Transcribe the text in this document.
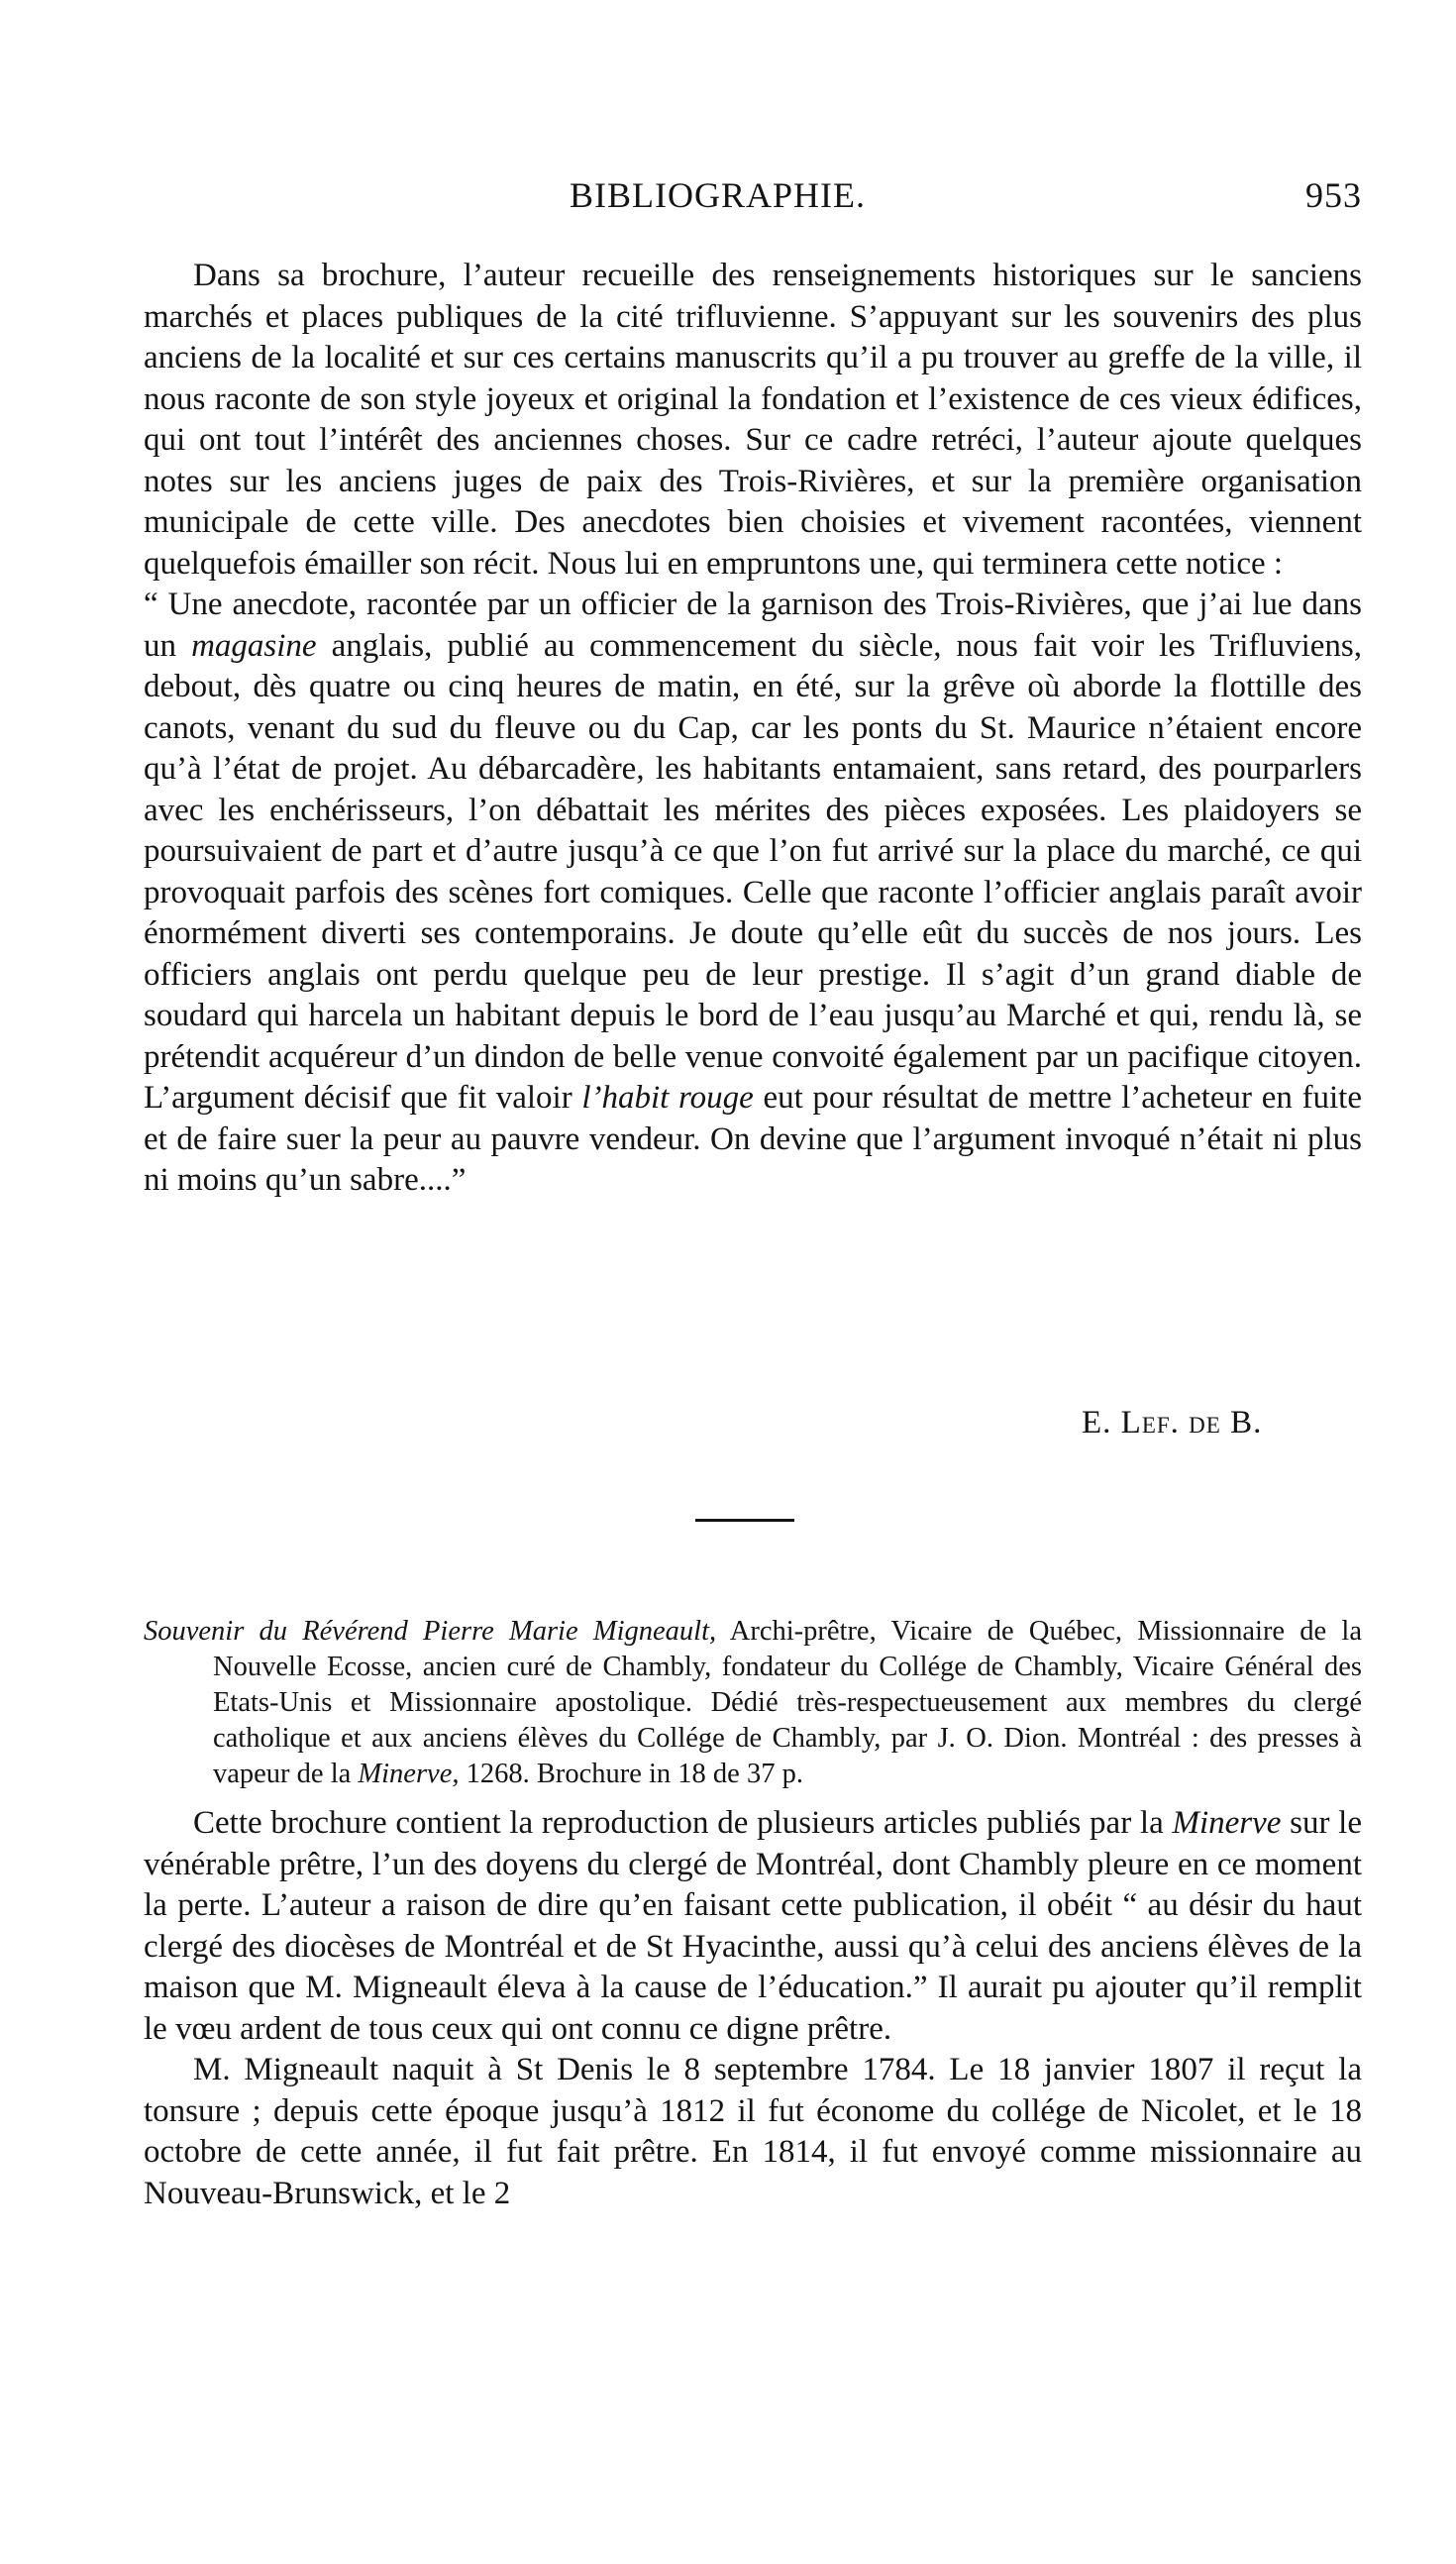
BIBLIOGRAPHIE.	953

Dans sa brochure, l’auteur recueille des renseignements historiques sur le sanciens marchés et places publiques de la cité trifluvienne. S’appuyant sur les souvenirs des plus anciens de la localité et sur ces certains manuscrits qu’il a pu trouver au greffe de la ville, il nous raconte de son style joyeux et original la fondation et l’existence de ces vieux édifices, qui ont tout l’intérêt des anciennes choses. Sur ce cadre retréci, l’auteur ajoute quelques notes sur les anciens juges de paix des Trois-Rivières, et sur la première organisation municipale de cette ville. Des anecdotes bien choisies et vivement racontées, viennent quelquefois émailler son récit. Nous lui en empruntons une, qui terminera cette notice :

“ Une anecdote, racontée par un officier de la garnison des Trois-Rivières, que j’ai lue dans un magasine anglais, publié au commencement du siècle, nous fait voir les Trifluviens, debout, dès quatre ou cinq heures de matin, en été, sur la grêve où aborde la flottille des canots, venant du sud du fleuve ou du Cap, car les ponts du St. Maurice n’étaient encore qu’à l’état de projet. Au débarcadère, les habitants entamaient, sans retard, des pourparlers avec les enchérisseurs, l’on débattait les mérites des pièces exposées. Les plaidoyers se poursuivaient de part et d’autre jusqu’à ce que l’on fut arrivé sur la place du marché, ce qui provoquait parfois des scènes fort comiques. Celle que raconte l’officier anglais paraît avoir énormément diverti ses contemporains. Je doute qu’elle eût du succès de nos jours. Les officiers anglais ont perdu quelque peu de leur prestige. Il s’agit d’un grand diable de soudard qui harcela un habitant depuis le bord de l’eau jusqu’au Marché et qui, rendu là, se prétendit acquéreur d’un dindon de belle venue convoité également par un pacifique citoyen. L’argument décisif que fit valoir l’habit rouge eut pour résultat de mettre l’acheteur en fuite et de faire suer la peur au pauvre vendeur. On devine que l’argument invoqué n’était ni plus ni moins qu’un sabre....”

E. Lef. de B.

Souvenir du Révérend Pierre Marie Migneault, Archi-prêtre, Vicaire de Québec, Missionnaire de la Nouvelle Ecosse, ancien curé de Chambly, fondateur du Collége de Chambly, Vicaire Général des Etats-Unis et Missionnaire apostolique. Dédié très-respectueusement aux membres du clergé catholique et aux anciens élèves du Collége de Chambly, par J. O. Dion. Montréal : des presses à vapeur de la Minerve, 1268. Brochure in 18 de 37 p.

Cette brochure contient la reproduction de plusieurs articles publiés par la Minerve sur le vénérable prêtre, l’un des doyens du clergé de Montréal, dont Chambly pleure en ce moment la perte. L’auteur a raison de dire qu’en faisant cette publication, il obéit “ au désir du haut clergé des diocèses de Montréal et de St Hyacinthe, aussi qu’à celui des anciens élèves de la maison que M. Migneault éleva à la cause de l’éducation.” Il aurait pu ajouter qu’il remplit le vœu ardent de tous ceux qui ont connu ce digne prêtre.

M. Migneault naquit à St Denis le 8 septembre 1784. Le 18 janvier 1807 il reçut la tonsure ; depuis cette époque jusqu’à 1812 il fut économe du collége de Nicolet, et le 18 octobre de cette année, il fut fait prêtre. En 1814, il fut envoyé comme missionnaire au Nouveau-Brunswick, et le 2
